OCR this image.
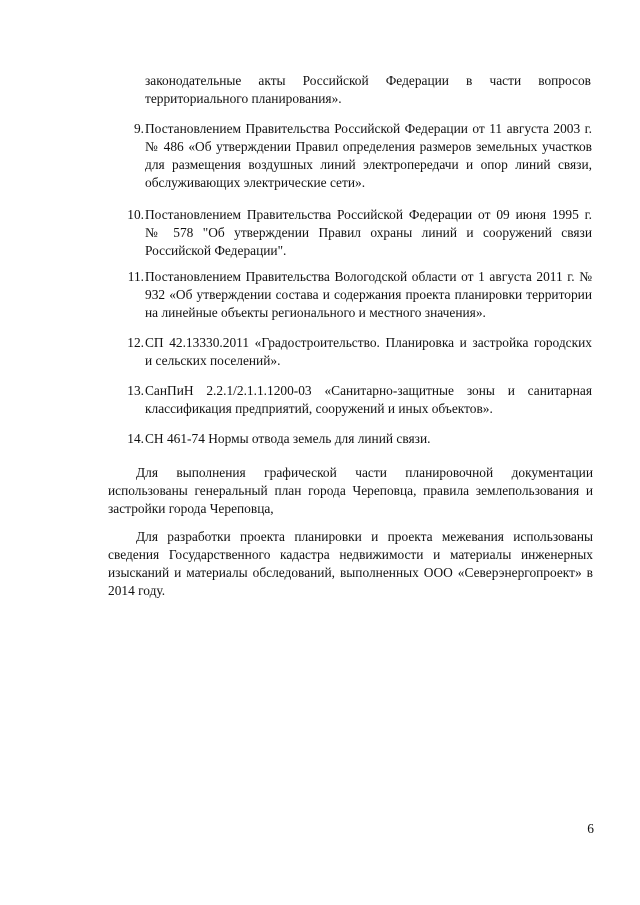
законодательные акты Российской Федерации в части вопросов
территориального планирования».
9. Постановлением Правительства Российской Федерации от 11 августа 2003 г.
№ 486 «Об утверждении Правил определения размеров земельных участков
для размещения воздушных линий электропередачи и опор линий связи,
обслуживающих электрические сети».
10. Постановлением Правительства Российской Федерации от 09 июня 1995 г.
№ 578 "Об утверждении Правил охраны линий и сооружений связи
Российской Федерации".
11. Постановлением Правительства Вологодской области от 1 августа 2011 г. №
932 «Об утверждении состава и содержания проекта планировки территории
на линейные объекты регионального и местного значения».
12. СП 42.13330.2011 «Градостроительство. Планировка и застройка городских
и сельских поселений».
13. СанПиН 2.2.1/2.1.1.1200-03 «Санитарно-защитные зоны и санитарная
классификация предприятий, сооружений и иных объектов».
14. СН 461-74 Нормы отвода земель для линий связи.
Для выполнения графической части планировочной документации
использованы генеральный план города Череповца, правила землепользования и
застройки города Череповца,
Для разработки проекта планировки и проекта межевания использованы
сведения Государственного кадастра недвижимости и материалы инженерных
изысканий и материалы обследований, выполненных ООО «Северэнергопроект» в
2014 году.
6
